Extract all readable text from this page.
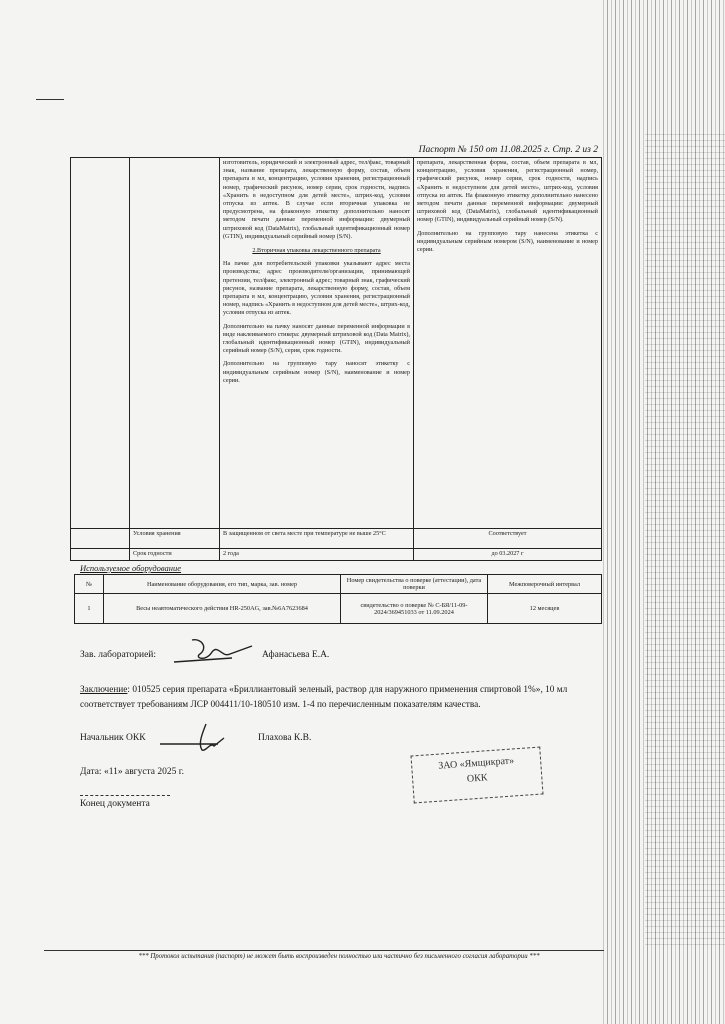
Паспорт № 150 от 11.08.2025 г. Стр. 2 из 2

изготовитель, юридический и электронный адрес, тел/факс, товарный знак, название препарата, лекарственную форму, состав, объем препарата в мл, концентрацию, условия хранения, регистрационный номер, графический рисунок, номер серии, срок годности, надпись «Хранить в недоступном для детей месте», штрих-код, условия отпуска из аптек. В случае если вторичная упаковка не предусмотрена, на флаконную этикетку дополнительно наносят методом печати данные переменной информации: двумерный штриховой код (DataMatrix), глобальный идентификационный номер (GTIN), индивидуальный серийный номер (S/N).

2.Вторичная упаковка лекарственного препарата

На пачке для потребительской упаковки указывают адрес места производства; адрес производителя/организации, принимающей претензии, тел/факс, электронный адрес; товарный знак, графический рисунок, название препарата, лекарственную форму, состав, объем препарата в мл, концентрацию, условия хранения, регистрационный номер, надпись «Хранить в недоступном для детей месте», штрих-код, условия отпуска из аптек.

Дополнительно на пачку наносят данные переменной информации в виде наклеиваемого стикера: двумерный штриховой код (Data Matrix), глобальный идентификационный номер (GTIN), индивидуальный серийный номер (S/N), серия, срок годности.

Дополнительно на групповую тару наносят этикетку с индивидуальным серийным номер (S/N), наименование и номер серии.

препарата, лекарственная форма, состав, объем препарата в мл, концентрацию, условия хранения, регистрационный номер, графический рисунок, номер серии, срок годности, надпись «Хранить в недоступном для детей месте», штрих-код, условия отпуска из аптек. На флаконную этикетку дополнительно нанесено методом печати данные переменной информации: двумерный штриховой код (DataMatrix), глобальный идентификационный номер (GTIN), индивидуальный серийный номер (S/N).

Дополнительно на групповую тару нанесена этикетка с индивидуальным серийным номером (S/N), наименование и номер серии.

Условия хранения	В защищенном от света месте при температуре не выше 25°С	Соответствует
Срок годности	2 года	до 03.2027 г
Используемое оборудование
№	Наименование оборудования, его тип, марка, зав. номер	Номер свидетельства о поверке (аттестации), дата поверки	Межповерочный интервал
1	Весы неавтоматического действия HR-250AG, зав.№6A7623684	свидетельство о поверке № С-БЯ/11-09-2024/369451033 от 11.09.2024	12 месяцев
Зав. лабораторией:	Афанасьева Е.А.
Заключение: 010525 серия препарата «Бриллиантовый зеленый, раствор для наружного применения спиртовой 1%», 10 мл соответствует требованиям ЛСР 004411/10-180510 изм. 1-4 по перечисленным показателям качества.
Начальник ОКК	Плахова К.В.
ЗАО «Ямщикрат»
ОКК
Дата: «11» августа 2025 г.
Конец документа
*** Протокол испытания (паспорт) не может быть воспроизведен полностью или частично без письменного согласия лаборатории ***
